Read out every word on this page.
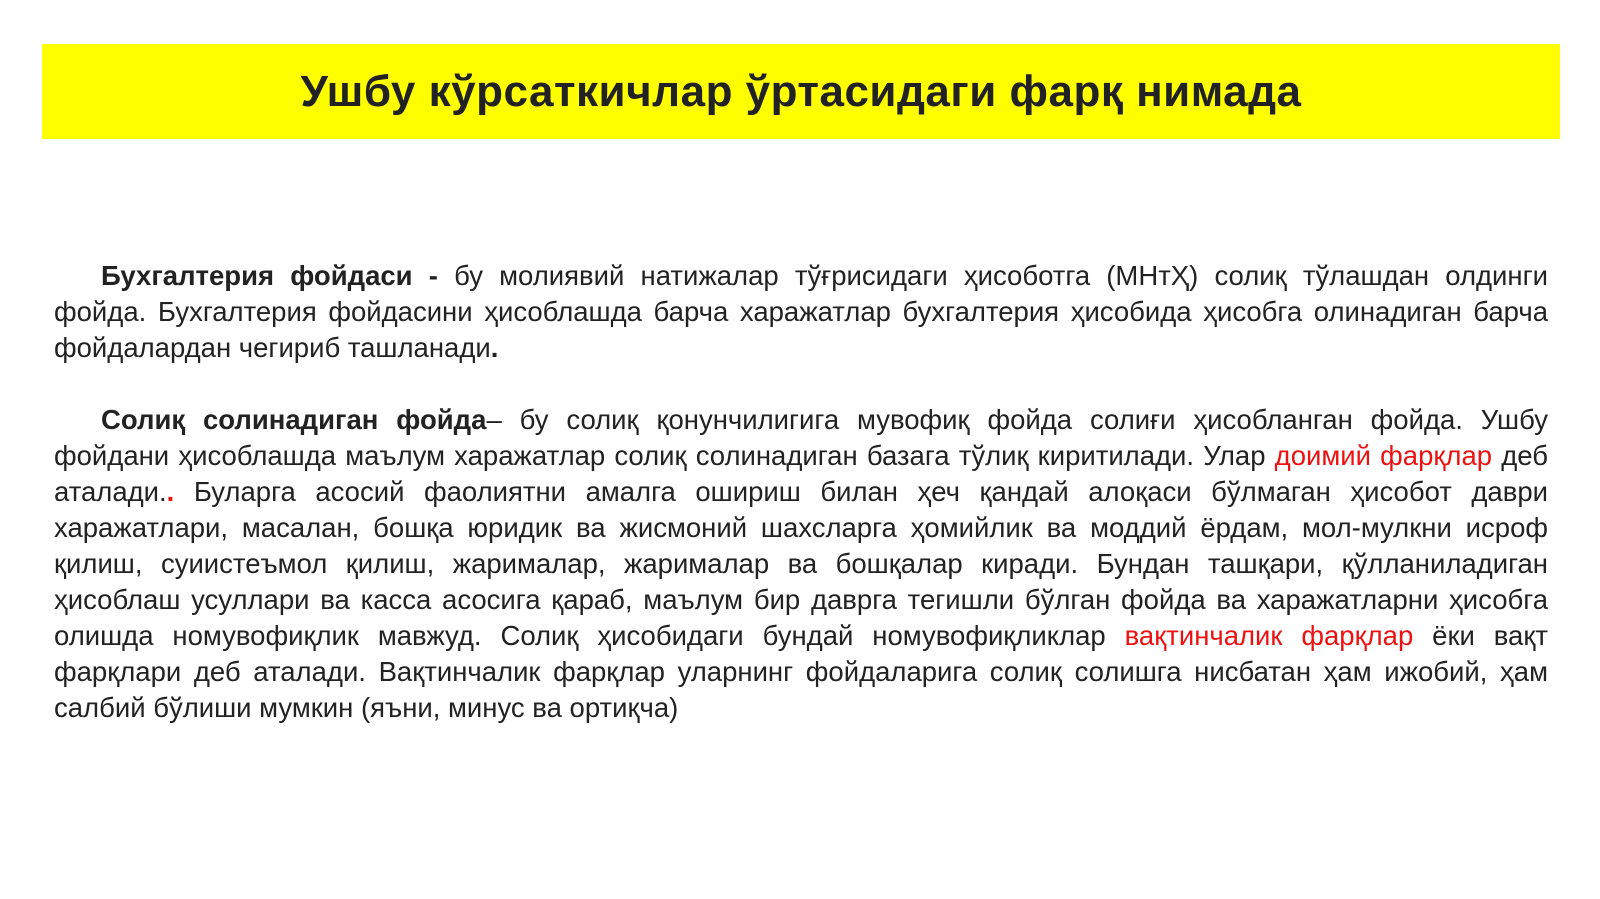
Ушбу кўрсаткичлар ўртасидаги фарқ нимада

Бухгалтерия фойдаси - бу молиявий натижалар тўғрисидаги ҳисоботга (МНтҲ) солиқ тўлашдан олдинги фойда. Бухгалтерия фойдасини ҳисоблашда барча харажатлар бухгалтерия ҳисобида ҳисобга олинадиган барча фойдалардан чегириб ташланади.

Солиқ солинадиган фойда– бу солиқ қонунчилигига мувофиқ фойда солиғи ҳисобланган фойда. Ушбу фойдани ҳисоблашда маълум харажатлар солиқ солинадиган базага тўлиқ киритилади. Улар доимий фарқлар деб аталади.. Буларга асосий фаолиятни амалга ошириш билан ҳеч қандай алоқаси бўлмаган ҳисобот даври харажатлари, масалан, бошқа юридик ва жисмоний шахсларга ҳомийлик ва моддий ёрдам, мол-мулкни исроф қилиш, суиистеъмол қилиш, жарималар, жарималар ва бошқалар киради. Бундан ташқари, қўлланиладиган ҳисоблаш усуллари ва касса асосига қараб, маълум бир даврга тегишли бўлган фойда ва харажатларни ҳисобга олишда номувофиқлик мавжуд. Солиқ ҳисобидаги бундай номувофиқликлар вақтинчалик фарқлар ёки вақт фарқлари деб аталади. Вақтинчалик фарқлар уларнинг фойдаларига солиқ солишга нисбатан ҳам ижобий, ҳам салбий бўлиши мумкин (яъни, минус ва ортиқча)
